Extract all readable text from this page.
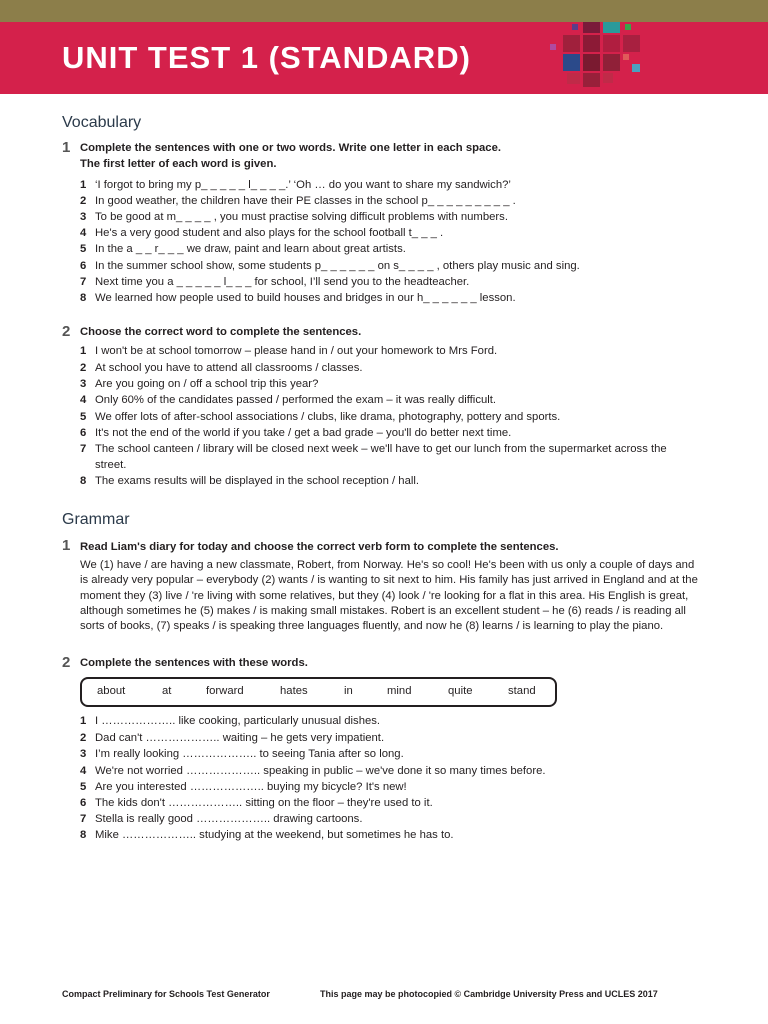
UNIT TEST 1 (STANDARD)
Vocabulary
1 Complete the sentences with one or two words. Write one letter in each space.
The first letter of each word is given.
1 ‘I forgot to bring my p_ _ _ _ _ l_ _ _ _.’ ‘Oh … do you want to share my sandwich?’
2 In good weather, the children have their PE classes in the school p_ _ _ _ _ _ _ _ _ .
3 To be good at m_ _ _ _ , you must practise solving difficult problems with numbers.
4 He's a very good student and also plays for the school football t_ _ _ .
5 In the a _ _ r_ _ _ we draw, paint and learn about great artists.
6 In the summer school show, some students p_ _ _ _ _ _ on s_ _ _ _ , others play music and sing.
7 Next time you a _ _ _ _ _ l_ _ _ for school, I’ll send you to the headteacher.
8 We learned how people used to build houses and bridges in our h_ _ _ _ _ _ lesson.
2 Choose the correct word to complete the sentences.
1 I won't be at school tomorrow – please hand in / out your homework to Mrs Ford.
2 At school you have to attend all classrooms / classes.
3 Are you going on / off a school trip this year?
4 Only 60% of the candidates passed / performed the exam – it was really difficult.
5 We offer lots of after-school associations / clubs, like drama, photography, pottery and sports.
6 It's not the end of the world if you take / get a bad grade – you'll do better next time.
7 The school canteen / library will be closed next week – we'll have to get our lunch from the supermarket across the street.
8 The exams results will be displayed in the school reception / hall.
Grammar
1 Read Liam's diary for today and choose the correct verb form to complete the sentences.
We (1) have / are having a new classmate, Robert, from Norway. He's so cool! He's been with us only a couple of days and is already very popular – everybody (2) wants / is wanting to sit next to him. His family has just arrived in England and at the moment they (3) live / 're living with some relatives, but they (4) look / 're looking for a flat in this area. His English is great, although sometimes he (5) makes / is making small mistakes. Robert is an excellent student – he (6) reads / is reading all sorts of books, (7) speaks / is speaking three languages fluently, and now he (8) learns / is learning to play the piano.
2 Complete the sentences with these words.
about	at	forward	hates	in	mind	quite	stand
1 I ……………….. like cooking, particularly unusual dishes.
2 Dad can't ……………….. waiting – he gets very impatient.
3 I’m really looking ……………….. to seeing Tania after so long.
4 We're not worried ……………….. speaking in public – we've done it so many times before.
5 Are you interested ……………….. buying my bicycle? It's new!
6 The kids don't ……………….. sitting on the floor – they're used to it.
7 Stella is really good ……………….. drawing cartoons.
8 Mike ……………….. studying at the weekend, but sometimes he has to.
Compact Preliminary for Schools Test Generator	This page may be photocopied © Cambridge University Press and UCLES 2017
